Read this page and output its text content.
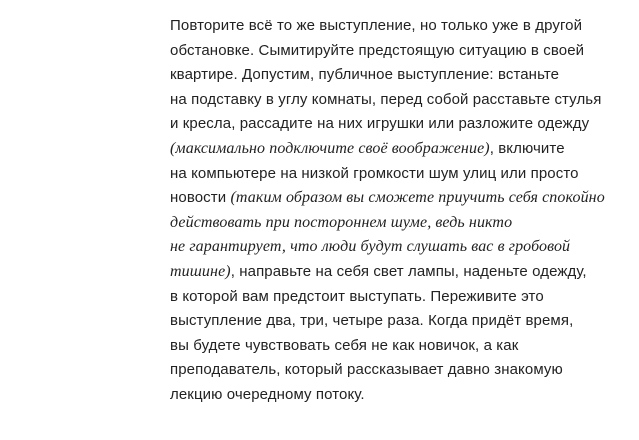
Повторите всё то же выступление, но только уже в другой
обстановке. Сымитируйте предстоящую ситуацию в своей
квартире. Допустим, публичное выступление: встаньте
на подставку в углу комнаты, перед собой расставьте стулья
и кресла, рассадите на них игрушки или разложите одежду
(максимально подключите своё воображение), включите
на компьютере на низкой громкости шум улиц или просто
новости (таким образом вы сможете приучить себя спокойно
действовать при постороннем шуме, ведь никто
не гарантирует, что люди будут слушать вас в гробовой
тишине), направьте на себя свет лампы, наденьте одежду,
в которой вам предстоит выступать. Переживите это
выступление два, три, четыре раза. Когда придёт время,
вы будете чувствовать себя не как новичок, а как
преподаватель, который рассказывает давно знакомую
лекцию очередному потоку.
